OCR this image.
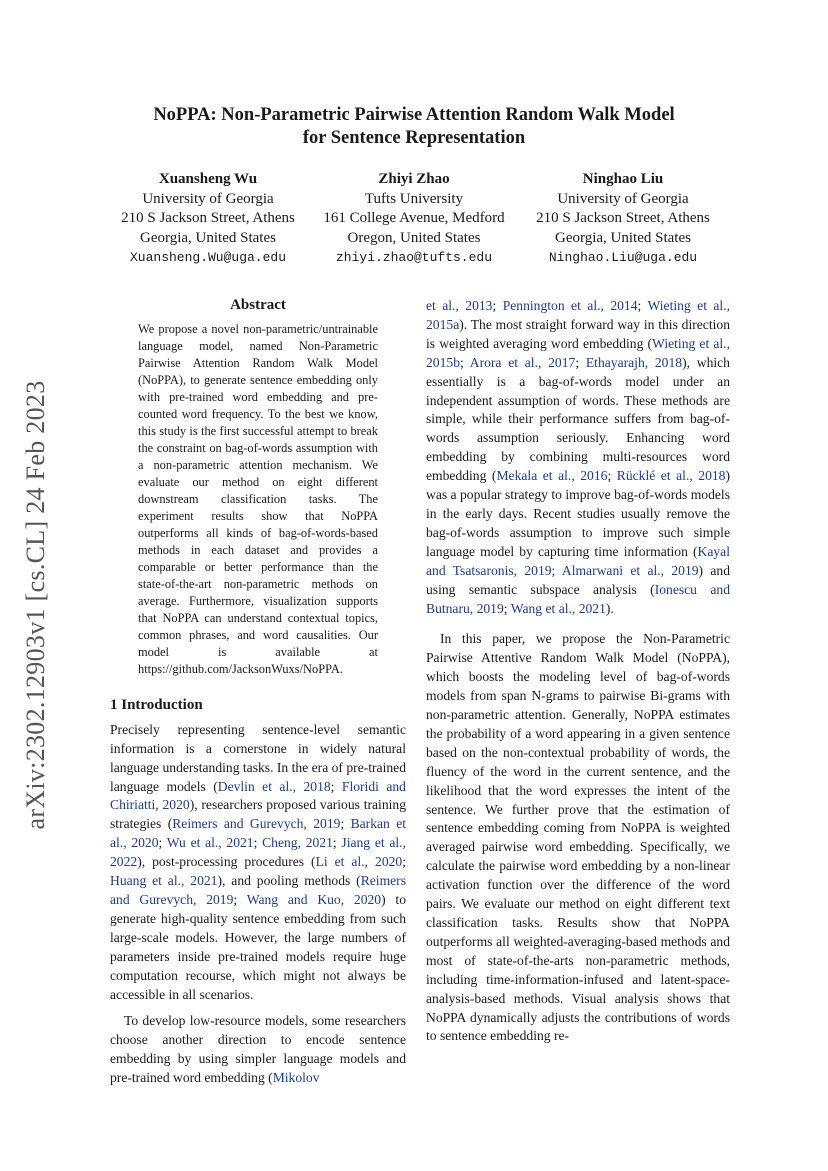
arXiv:2302.12903v1 [cs.CL] 24 Feb 2023
NoPPA: Non-Parametric Pairwise Attention Random Walk Model
for Sentence Representation
Xuansheng Wu
University of Georgia
210 S Jackson Street, Athens
Georgia, United States
Xuansheng.Wu@uga.edu
Zhiyi Zhao
Tufts University
161 College Avenue, Medford
Oregon, United States
zhiyi.zhao@tufts.edu
Ninghao Liu
University of Georgia
210 S Jackson Street, Athens
Georgia, United States
Ninghao.Liu@uga.edu
Abstract
We propose a novel non-parametric/untrainable language model, named Non-Parametric Pairwise Attention Random Walk Model (NoPPA), to generate sentence embedding only with pre-trained word embedding and pre-counted word frequency. To the best we know, this study is the first successful attempt to break the constraint on bag-of-words assumption with a non-parametric attention mechanism. We evaluate our method on eight different downstream classification tasks. The experiment results show that NoPPA outperforms all kinds of bag-of-words-based methods in each dataset and provides a comparable or better performance than the state-of-the-art non-parametric methods on average. Furthermore, visualization supports that NoPPA can understand contextual topics, common phrases, and word causalities. Our model is available at https://github.com/JacksonWuxs/NoPPA.
1 Introduction

Precisely representing sentence-level semantic information is a cornerstone in widely natural language understanding tasks. In the era of pre-trained language models (Devlin et al., 2018; Floridi and Chiriatti, 2020), researchers proposed various training strategies (Reimers and Gurevych, 2019; Barkan et al., 2020; Wu et al., 2021; Cheng, 2021; Jiang et al., 2022), post-processing procedures (Li et al., 2020; Huang et al., 2021), and pooling methods (Reimers and Gurevych, 2019; Wang and Kuo, 2020) to generate high-quality sentence embedding from such large-scale models. However, the large numbers of parameters inside pre-trained models require huge computation recourse, which might not always be accessible in all scenarios.

To develop low-resource models, some researchers choose another direction to encode sentence embedding by using simpler language models and pre-trained word embedding (Mikolov

et al., 2013; Pennington et al., 2014; Wieting et al., 2015a). The most straight forward way in this direction is weighted averaging word embedding (Wieting et al., 2015b; Arora et al., 2017; Ethayarajh, 2018), which essentially is a bag-of-words model under an independent assumption of words. These methods are simple, while their performance suffers from bag-of-words assumption seriously. Enhancing word embedding by combining multi-resources word embedding (Mekala et al., 2016; Rücklé et al., 2018) was a popular strategy to improve bag-of-words models in the early days. Recent studies usually remove the bag-of-words assumption to improve such simple language model by capturing time information (Kayal and Tsatsaronis, 2019; Almarwani et al., 2019) and using semantic subspace analysis (Ionescu and Butnaru, 2019; Wang et al., 2021).

In this paper, we propose the Non-Parametric Pairwise Attentive Random Walk Model (NoPPA), which boosts the modeling level of bag-of-words models from span N-grams to pairwise Bi-grams with non-parametric attention. Generally, NoPPA estimates the probability of a word appearing in a given sentence based on the non-contextual probability of words, the fluency of the word in the current sentence, and the likelihood that the word expresses the intent of the sentence. We further prove that the estimation of sentence embedding coming from NoPPA is weighted averaged pairwise word embedding. Specifically, we calculate the pairwise word embedding by a non-linear activation function over the difference of the word pairs. We evaluate our method on eight different text classification tasks. Results show that NoPPA outperforms all weighted-averaging-based methods and most of state-of-the-arts non-parametric methods, including time-information-infused and latent-space-analysis-based methods. Visual analysis shows that NoPPA dynamically adjusts the contributions of words to sentence embedding re-
